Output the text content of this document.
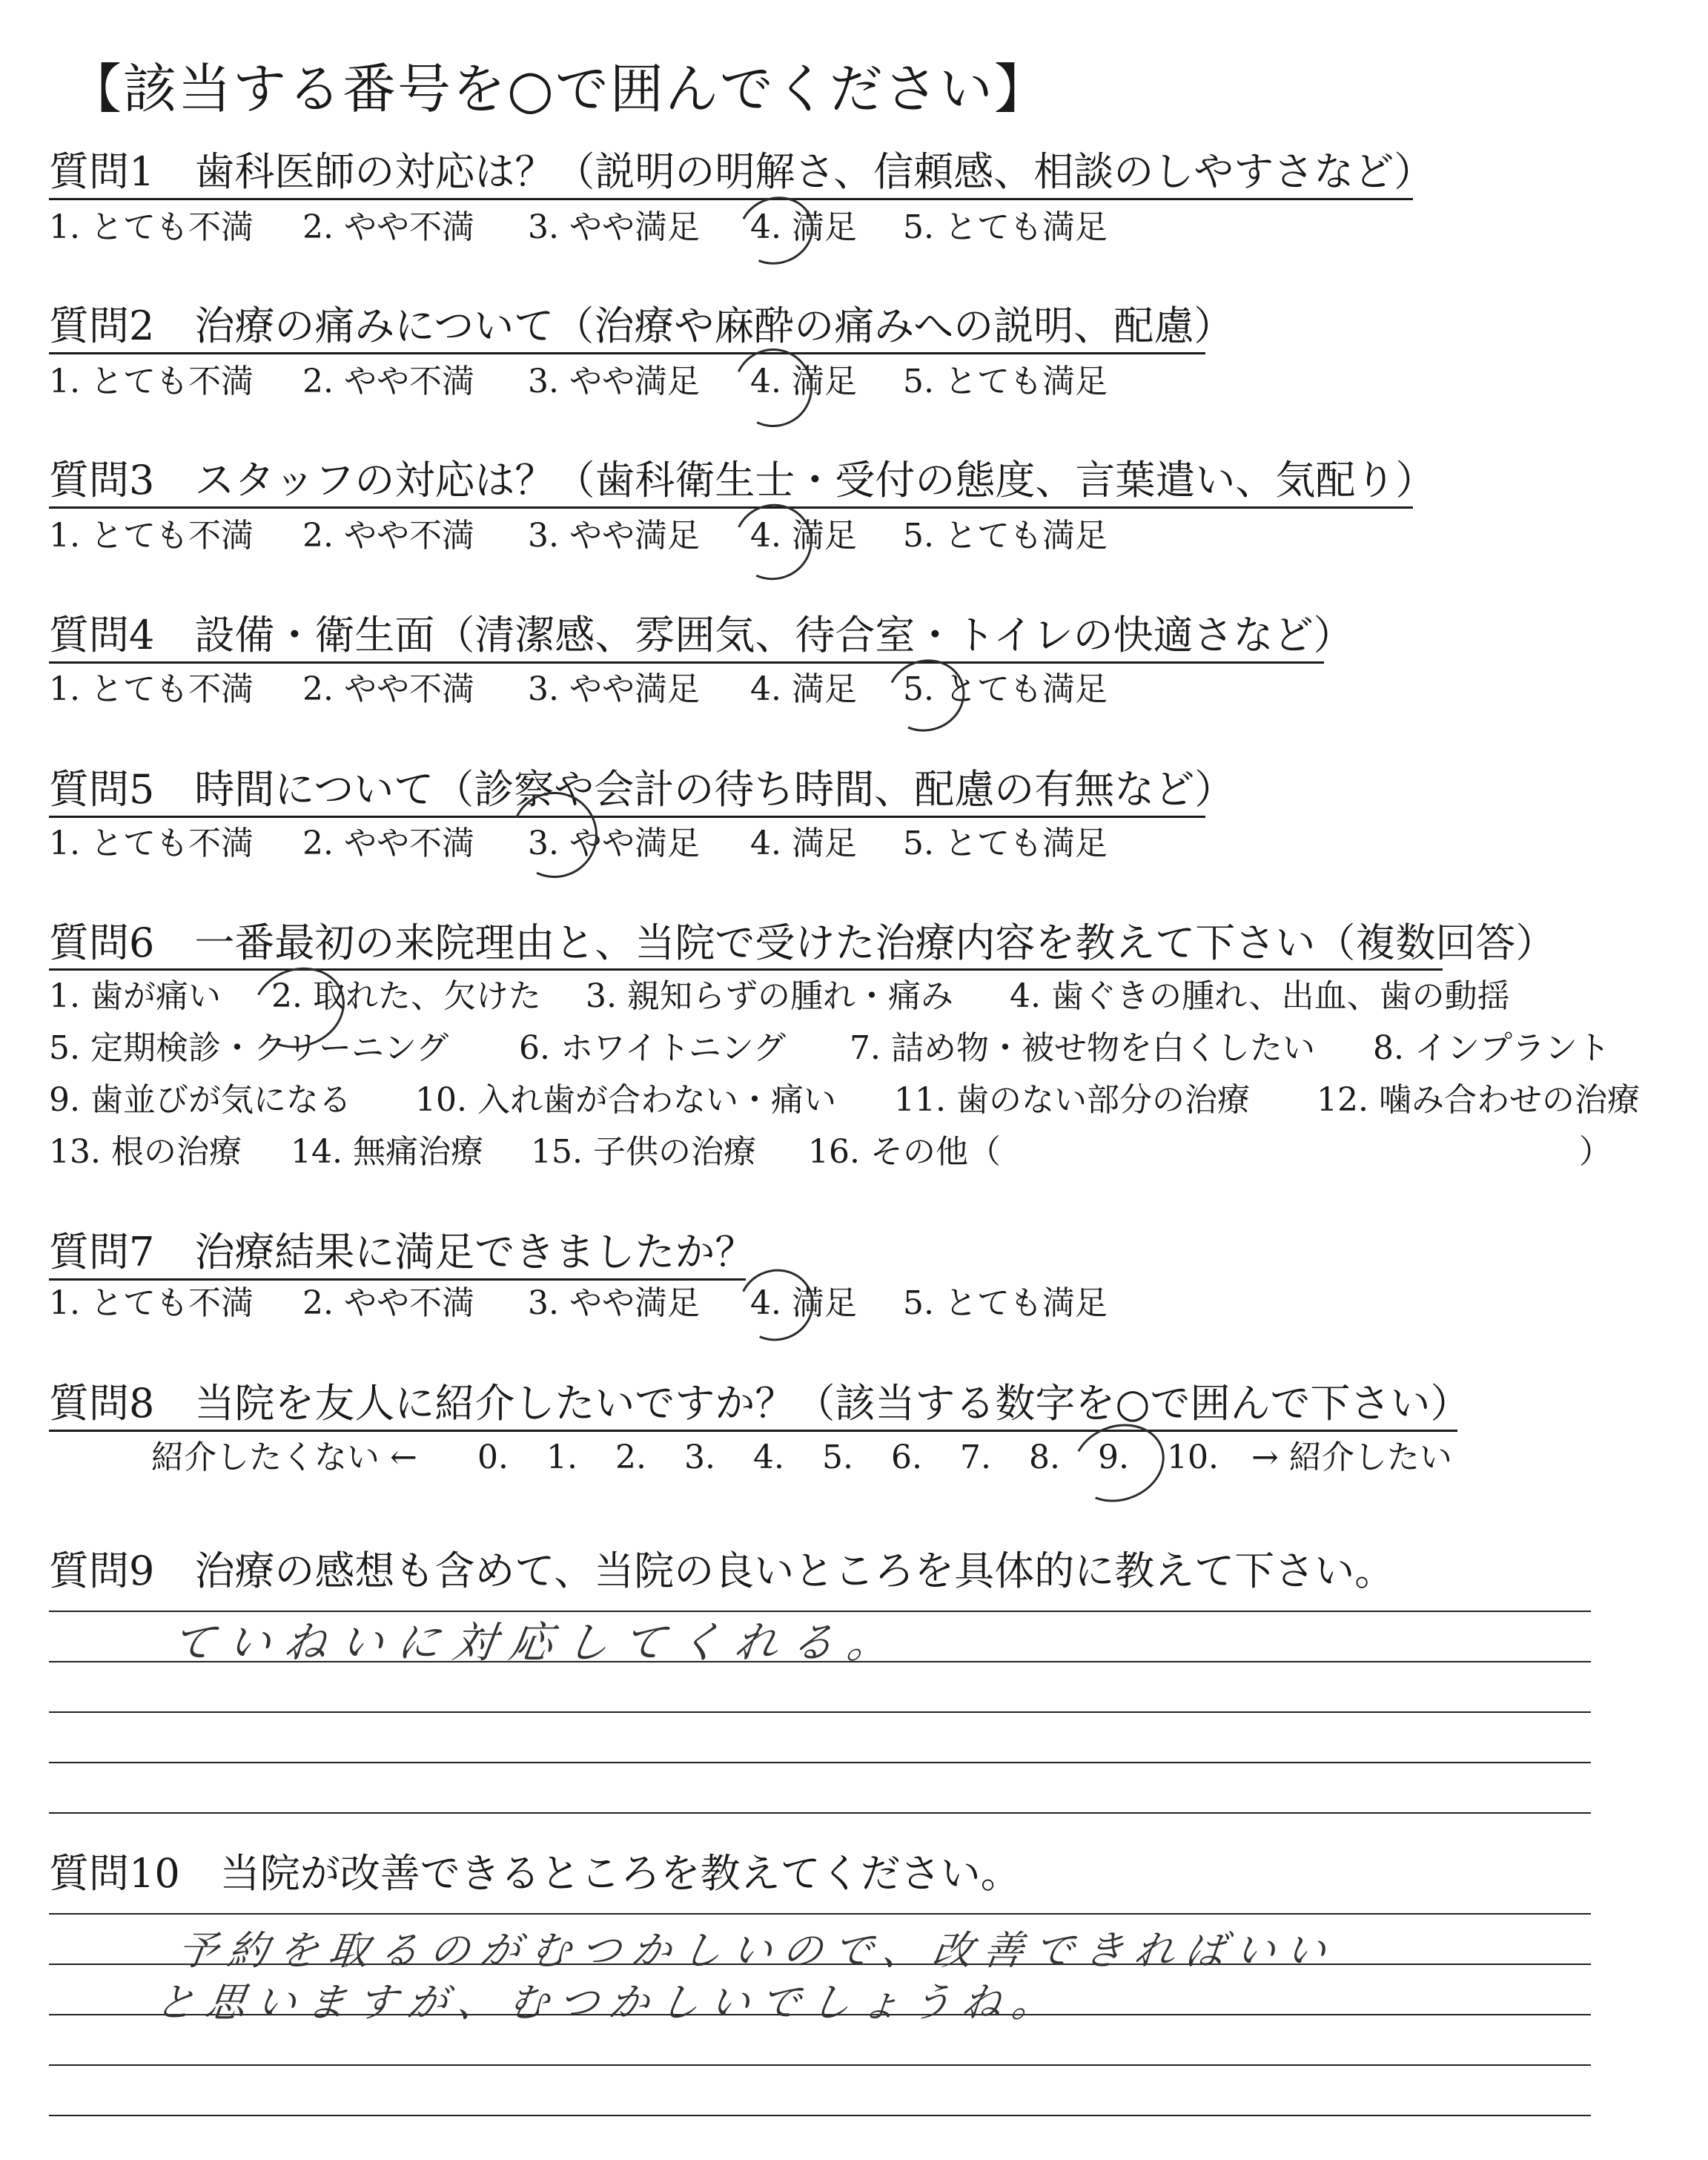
【該当する番号を○で囲んでください】
質問1　歯科医師の対応は？（説明の明解さ、信頼感、相談のしやすさなど）
1. とても不満 2. やや不満 3. やや満足 4. 満足 5. とても満足
質問2　治療の痛みについて（治療や麻酔の痛みへの説明、配慮）
1. とても不満 2. やや不満 3. やや満足 4. 満足 5. とても満足
質問3　スタッフの対応は？（歯科衛生士・受付の態度、言葉遣い、気配り）
1. とても不満 2. やや不満 3. やや満足 4. 満足 5. とても満足
質問4　設備・衛生面（清潔感、雰囲気、待合室・トイレの快適さなど）
1. とても不満 2. やや不満 3. やや満足 4. 満足 5. とても満足
質問5　時間について（診察や会計の待ち時間、配慮の有無など）
1. とても不満 2. やや不満 3. やや満足 4. 満足 5. とても満足
質問6　一番最初の来院理由と、当院で受けた治療内容を教えて下さい（複数回答）
1. 歯が痛い 2. 取れた、欠けた 3. 親知らずの腫れ・痛み 4. 歯ぐきの腫れ、出血、歯の動揺
5. 定期検診・クリーニング 6. ホワイトニング 7. 詰め物・被せ物を白くしたい 8. インプラント
9. 歯並びが気になる 10. 入れ歯が合わない・痛い 11. 歯のない部分の治療 12. 噛み合わせの治療
13. 根の治療 14. 無痛治療 15. 子供の治療 16. その他（	）
質問7　治療結果に満足できましたか？
1. とても不満 2. やや不満 3. やや満足 4. 満足 5. とても満足
質問8　当院を友人に紹介したいですか？（該当する数字を○で囲んで下さい）
紹介したくない ← 0. 1. 2. 3. 4. 5. 6. 7. 8. 9. 10. → 紹介したい
質問9　治療の感想も含めて、当院の良いところを具体的に教えて下さい。
ていねいに対応してくれる。
質問10　当院が改善できるところを教えてください。
予約を取るのがむつかしいので、改善できればいい
と思いますが、むつかしいでしょうね。
